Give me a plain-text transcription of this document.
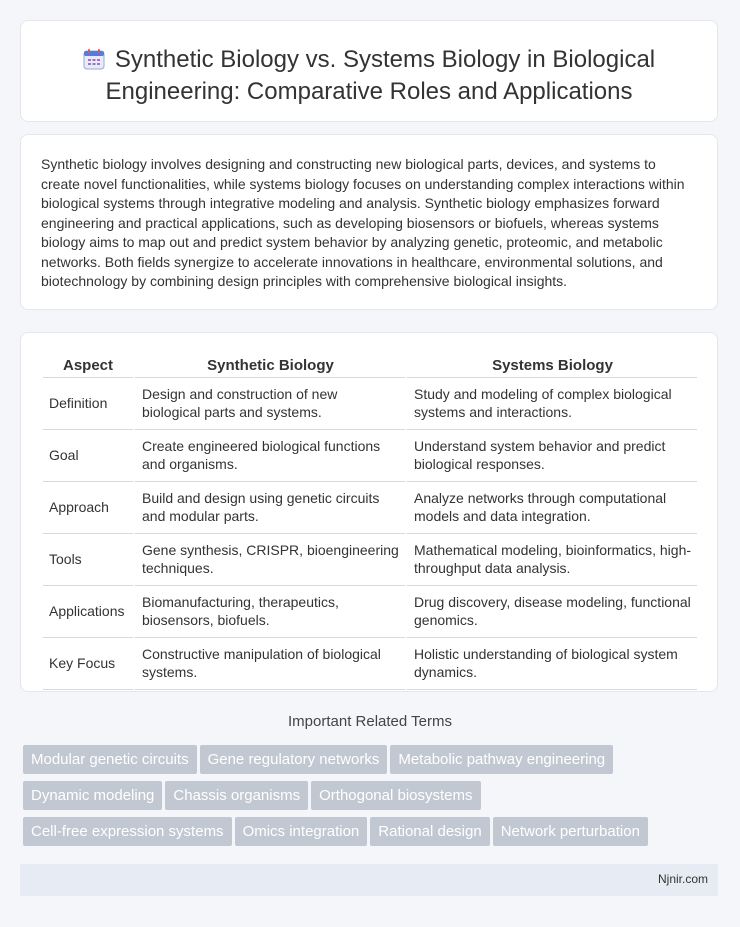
Synthetic Biology vs. Systems Biology in Biological Engineering: Comparative Roles and Applications

Synthetic biology involves designing and constructing new biological parts, devices, and systems to create novel functionalities, while systems biology focuses on understanding complex interactions within biological systems through integrative modeling and analysis. Synthetic biology emphasizes forward engineering and practical applications, such as developing biosensors or biofuels, whereas systems biology aims to map out and predict system behavior by analyzing genetic, proteomic, and metabolic networks. Both fields synergize to accelerate innovations in healthcare, environmental solutions, and biotechnology by combining design principles with comprehensive biological insights.

Aspect	Synthetic Biology	Systems Biology
Definition	Design and construction of new biological parts and systems.	Study and modeling of complex biological systems and interactions.
Goal	Create engineered biological functions and organisms.	Understand system behavior and predict biological responses.
Approach	Build and design using genetic circuits and modular parts.	Analyze networks through computational models and data integration.
Tools	Gene synthesis, CRISPR, bioengineering techniques.	Mathematical modeling, bioinformatics, high-throughput data analysis.
Applications	Biomanufacturing, therapeutics, biosensors, biofuels.	Drug discovery, disease modeling, functional genomics.
Key Focus	Constructive manipulation of biological systems.	Holistic understanding of biological system dynamics.
Important Related Terms
Modular genetic circuits Gene regulatory networks Metabolic pathway engineering
Dynamic modeling Chassis organisms Orthogonal biosystems
Cell-free expression systems Omics integration Rational design Network perturbation
Njnir.com
